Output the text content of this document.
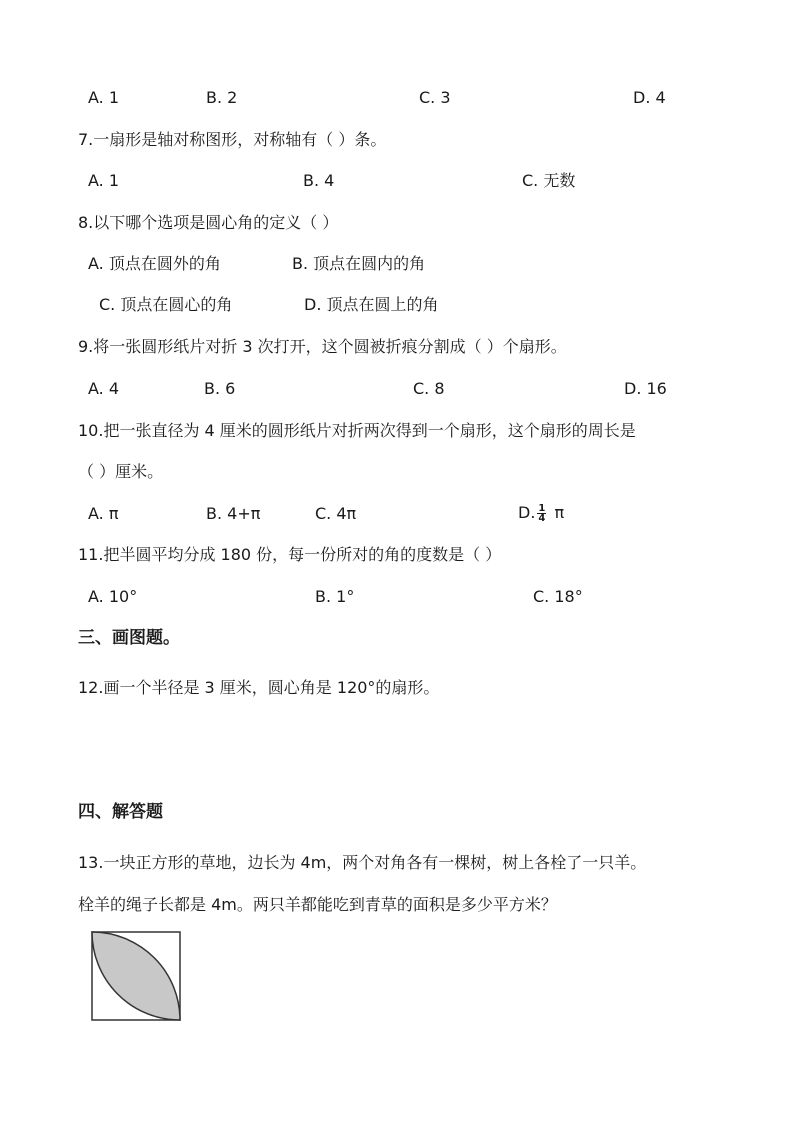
A. 1	B. 2	C. 3	D. 4
7.一扇形是轴对称图形，对称轴有（ ）条。
A. 1	B. 4	C. 无数
8.以下哪个选项是圆心角的定义（ ）
A. 顶点在圆外的角	B. 顶点在圆内的角
C. 顶点在圆心的角	D. 顶点在圆上的角
9.将一张圆形纸片对折 3 次打开，这个圆被折痕分割成（ ）个扇形。
A. 4	B. 6	C. 8	D. 16
10.把一张直径为 4 厘米的圆形纸片对折两次得到一个扇形，这个扇形的周长是
（ ）厘米。
A. π	B. 4+π	C. 4π	D. $\frac{1}{4}$ π
11.把半圆平均分成 180 份，每一份所对的角的度数是（ ）
A. 10°	B. 1°	C. 18°
三、画图题。
12.画一个半径是 3 厘米，圆心角是 120°的扇形。
四、解答题
13.一块正方形的草地，边长为 4m，两个对角各有一棵树，树上各栓了一只羊。
栓羊的绳子长都是 4m。两只羊都能吃到青草的面积是多少平方米？
